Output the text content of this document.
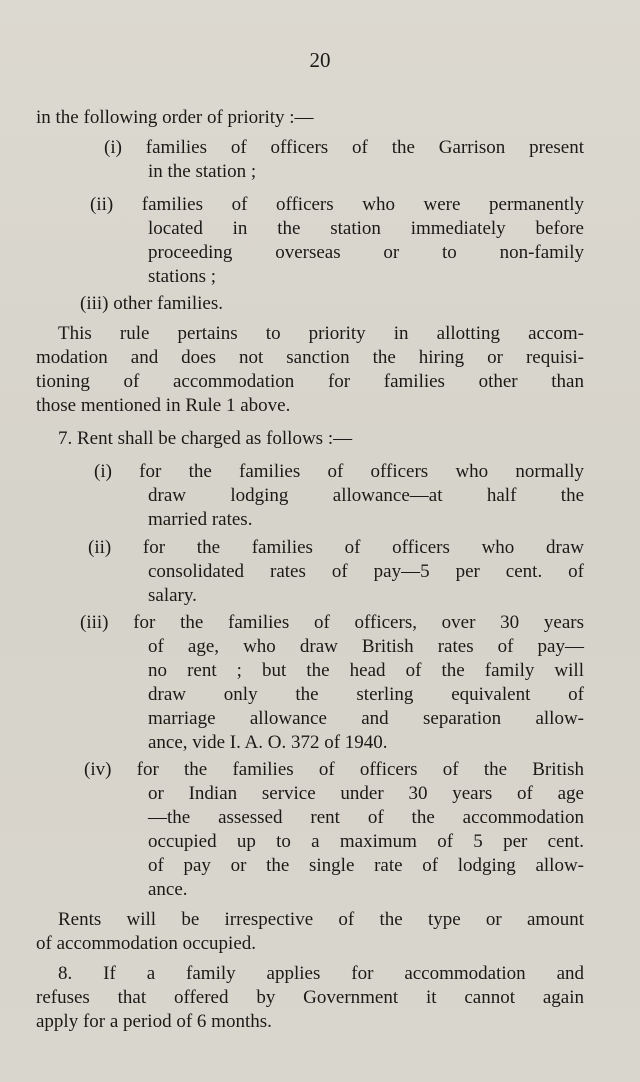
20
in the following order of priority :—
(i) families of officers of the Garrison present
in the station ;
(ii) families of officers who were permanently
located in the station immediately before
proceeding overseas or to non-family
stations ;
(iii) other families.
This rule pertains to priority in allotting accom-
modation and does not sanction the hiring or requisi-
tioning of accommodation for families other than
those mentioned in Rule 1 above.
7. Rent shall be charged as follows :—
(i) for the families of officers who normally
draw lodging allowance—at half the
married rates.
(ii) for the families of officers who draw
consolidated rates of pay—5 per cent. of
salary.
(iii) for the families of officers, over 30 years
of age, who draw British rates of pay—
no rent ; but the head of the family will
draw only the sterling equivalent of
marriage allowance and separation allow-
ance, vide I. A. O. 372 of 1940.
(iv) for the families of officers of the British
or Indian service under 30 years of age
—the assessed rent of the accommodation
occupied up to a maximum of 5 per cent.
of pay or the single rate of lodging allow-
ance.
Rents will be irrespective of the type or amount
of accommodation occupied.
8. If a family applies for accommodation and
refuses that offered by Government it cannot again
apply for a period of 6 months.
